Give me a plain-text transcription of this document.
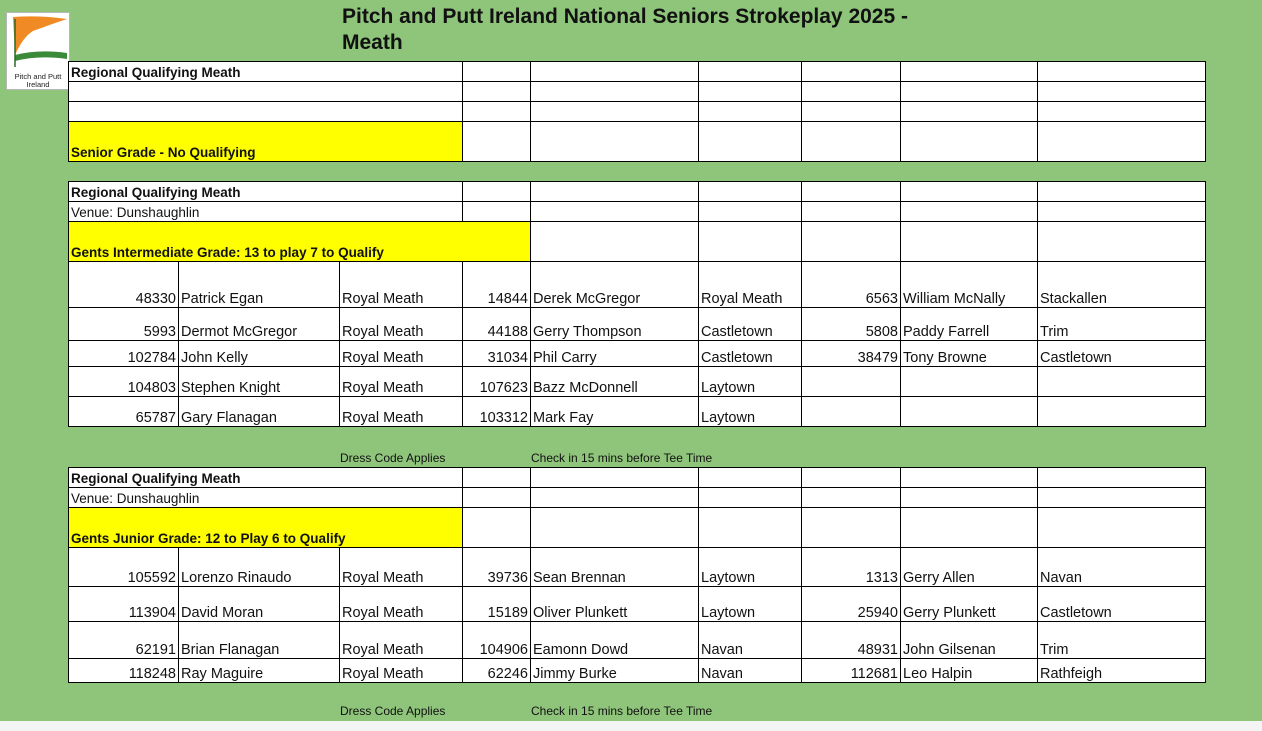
Pitch and Putt
Ireland
Pitch and Putt Ireland National Seniors Strokeplay 2025 -
Meath
Regional Qualifying Meath						

Senior Grade - No Qualifying						
Regional Qualifying Meath								
Venue: Dunshaughlin								
Gents Intermediate Grade: 13 to play 7 to Qualify								
48330	Patrick Egan	Royal Meath	14844	Derek McGregor	Royal Meath	6563	William McNally	Stackallen
5993	Dermot McGregor	Royal Meath	44188	Gerry Thompson	Castletown	5808	Paddy Farrell	Trim
102784	John Kelly	Royal Meath	31034	Phil Carry	Castletown	38479	Tony Browne	Castletown
104803	Stephen Knight	Royal Meath	107623	Bazz McDonnell	Laytown			
65787	Gary Flanagan	Royal Meath	103312	Mark Fay	Laytown			
Dress Code Applies	Check in 15 mins before Tee Time
Regional Qualifying Meath								
Venue: Dunshaughlin								
Gents Junior Grade: 12 to Play 6 to Qualify								
105592	Lorenzo Rinaudo	Royal Meath	39736	Sean Brennan	Laytown	1313	Gerry Allen	Navan
113904	David Moran	Royal Meath	15189	Oliver Plunkett	Laytown	25940	Gerry Plunkett	Castletown
62191	Brian Flanagan	Royal Meath	104906	Eamonn Dowd	Navan	48931	John Gilsenan	Trim
118248	Ray Maguire	Royal Meath	62246	Jimmy Burke	Navan	112681	Leo Halpin	Rathfeigh
Dress Code Applies	Check in 15 mins before Tee Time
